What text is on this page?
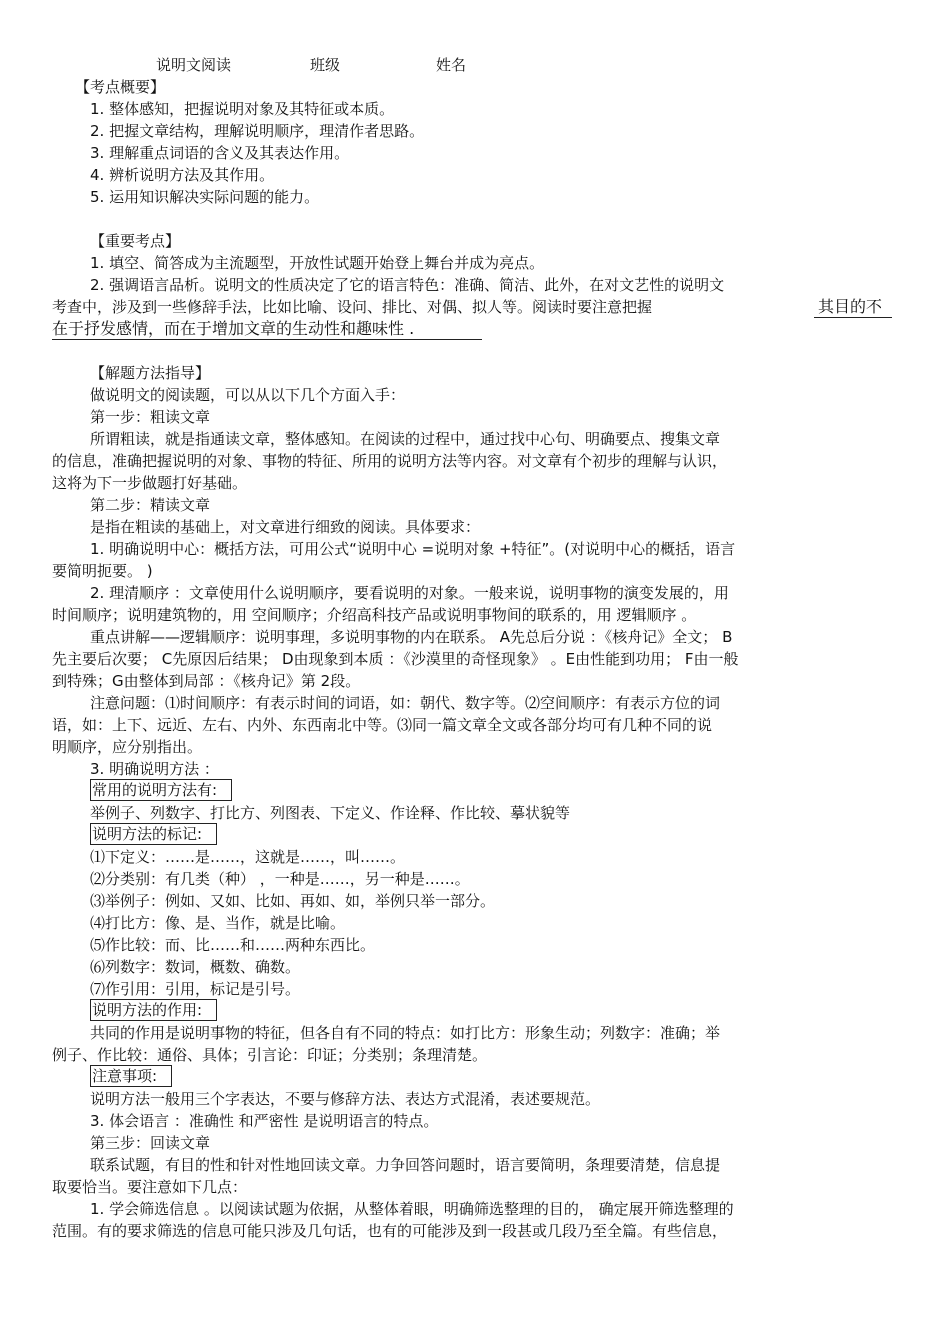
说明文阅读	班级	姓名
【考点概要】
1. 整体感知，把握说明对象及其特征或本质。
2. 把握文章结构，理解说明顺序，理清作者思路。
3. 理解重点词语的含义及其表达作用。
4. 辨析说明方法及其作用。
5. 运用知识解决实际问题的能力。
【重要考点】
1. 填空、简答成为主流题型，开放性试题开始登上舞台并成为亮点。
2. 强调语言品析。说明文的性质决定了它的语言特色：准确、简洁、此外，在对文艺性的说明文
考查中，涉及到一些修辞手法，比如比喻、设问、排比、对偶、拟人等。阅读时要注意把握	其目的不
在于抒发感情，而在于增加文章的生动性和趣味性 .
【解题方法指导】
做说明文的阅读题，可以从以下几个方面入手：
第一步：粗读文章
所谓粗读，就是指通读文章，整体感知。在阅读的过程中，通过找中心句、明确要点、搜集文章
的信息，准确把握说明的对象、事物的特征、所用的说明方法等内容。对文章有个初步的理解与认识，
这将为下一步做题打好基础。
第二步：精读文章
是指在粗读的基础上，对文章进行细致的阅读。具体要求：
1. 明确说明中心：概括方法，可用公式“说明中心 =说明对象 +特征”。(对说明中心的概括，语言
要简明扼要。 )
2. 理清顺序 ：文章使用什么说明顺序，要看说明的对象。一般来说，说明事物的演变发展的，用
时间顺序；说明建筑物的，用 空间顺序；介绍高科技产品或说明事物间的联系的，用 逻辑顺序 。
重点讲解——逻辑顺序：说明事理，多说明事物的内在联系。 A先总后分说 ：《核舟记》全文； B
先主要后次要； C先原因后结果； D由现象到本质 ：《沙漠里的奇怪现象》 。E由性能到功用； F由一般
到特殊；G由整体到局部 ：《核舟记》第 2段。
注意问题：⑴时间顺序：有表示时间的词语，如：朝代、数字等。⑵空间顺序：有表示方位的词
语，如：上下、远近、左右、内外、东西南北中等。⑶同一篇文章全文或各部分均可有几种不同的说
明顺序，应分别指出。
3. 明确说明方法 ：
常用的说明方法有:
举例子、列数字、打比方、列图表、下定义、作诠释、作比较、摹状貌等
说明方法的标记:
⑴下定义：……是……，这就是……，叫……。
⑵分类别：有几类（种） ，一种是……，另一种是……。
⑶举例子：例如、又如、比如、再如、如，举例只举一部分。
⑷打比方：像、是、当作，就是比喻。
⑸作比较：而、比……和……两种东西比。
⑹列数字：数词，概数、确数。
⑺作引用：引用，标记是引号。
说明方法的作用:
共同的作用是说明事物的特征，但各自有不同的特点：如打比方：形象生动；列数字：准确；举
例子、作比较：通俗、具体；引言论：印证；分类别；条理清楚。
注意事项:
说明方法一般用三个字表达，不要与修辞方法、表达方式混淆，表述要规范。
3. 体会语言 ：准确性 和严密性 是说明语言的特点。
第三步：回读文章
联系试题，有目的性和针对性地回读文章。力争回答问题时，语言要简明，条理要清楚，信息提
取要恰当。要注意如下几点：
1. 学会筛选信息 。以阅读试题为依据，从整体着眼，明确筛选整理的目的， 确定展开筛选整理的
范围。有的要求筛选的信息可能只涉及几句话，也有的可能涉及到一段甚或几段乃至全篇。有些信息，
